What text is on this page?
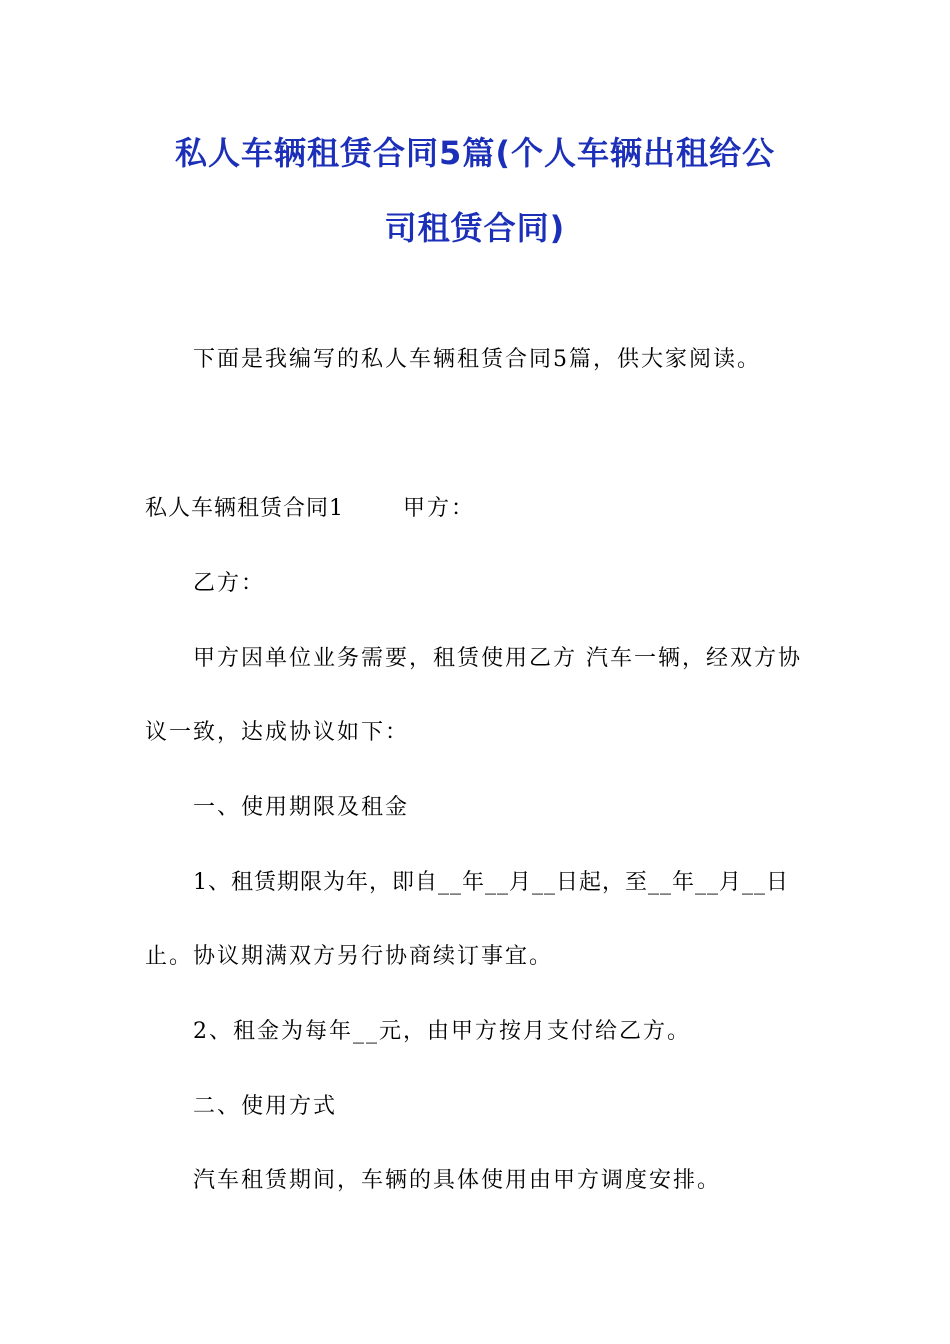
私人车辆租赁合同5篇(个人车辆出租给公
司租赁合同)
下面是我编写的私人车辆租赁合同5篇，供大家阅读。
私人车辆租赁合同1	甲方：
乙方：
甲方因单位业务需要，租赁使用乙方 汽车一辆，经双方协
议一致，达成协议如下：
一、使用期限及租金
1、租赁期限为年，即自__年__月__日起，至__年__月__日
止。协议期满双方另行协商续订事宜。
2、租金为每年__元，由甲方按月支付给乙方。
二、使用方式
汽车租赁期间，车辆的具体使用由甲方调度安排。
